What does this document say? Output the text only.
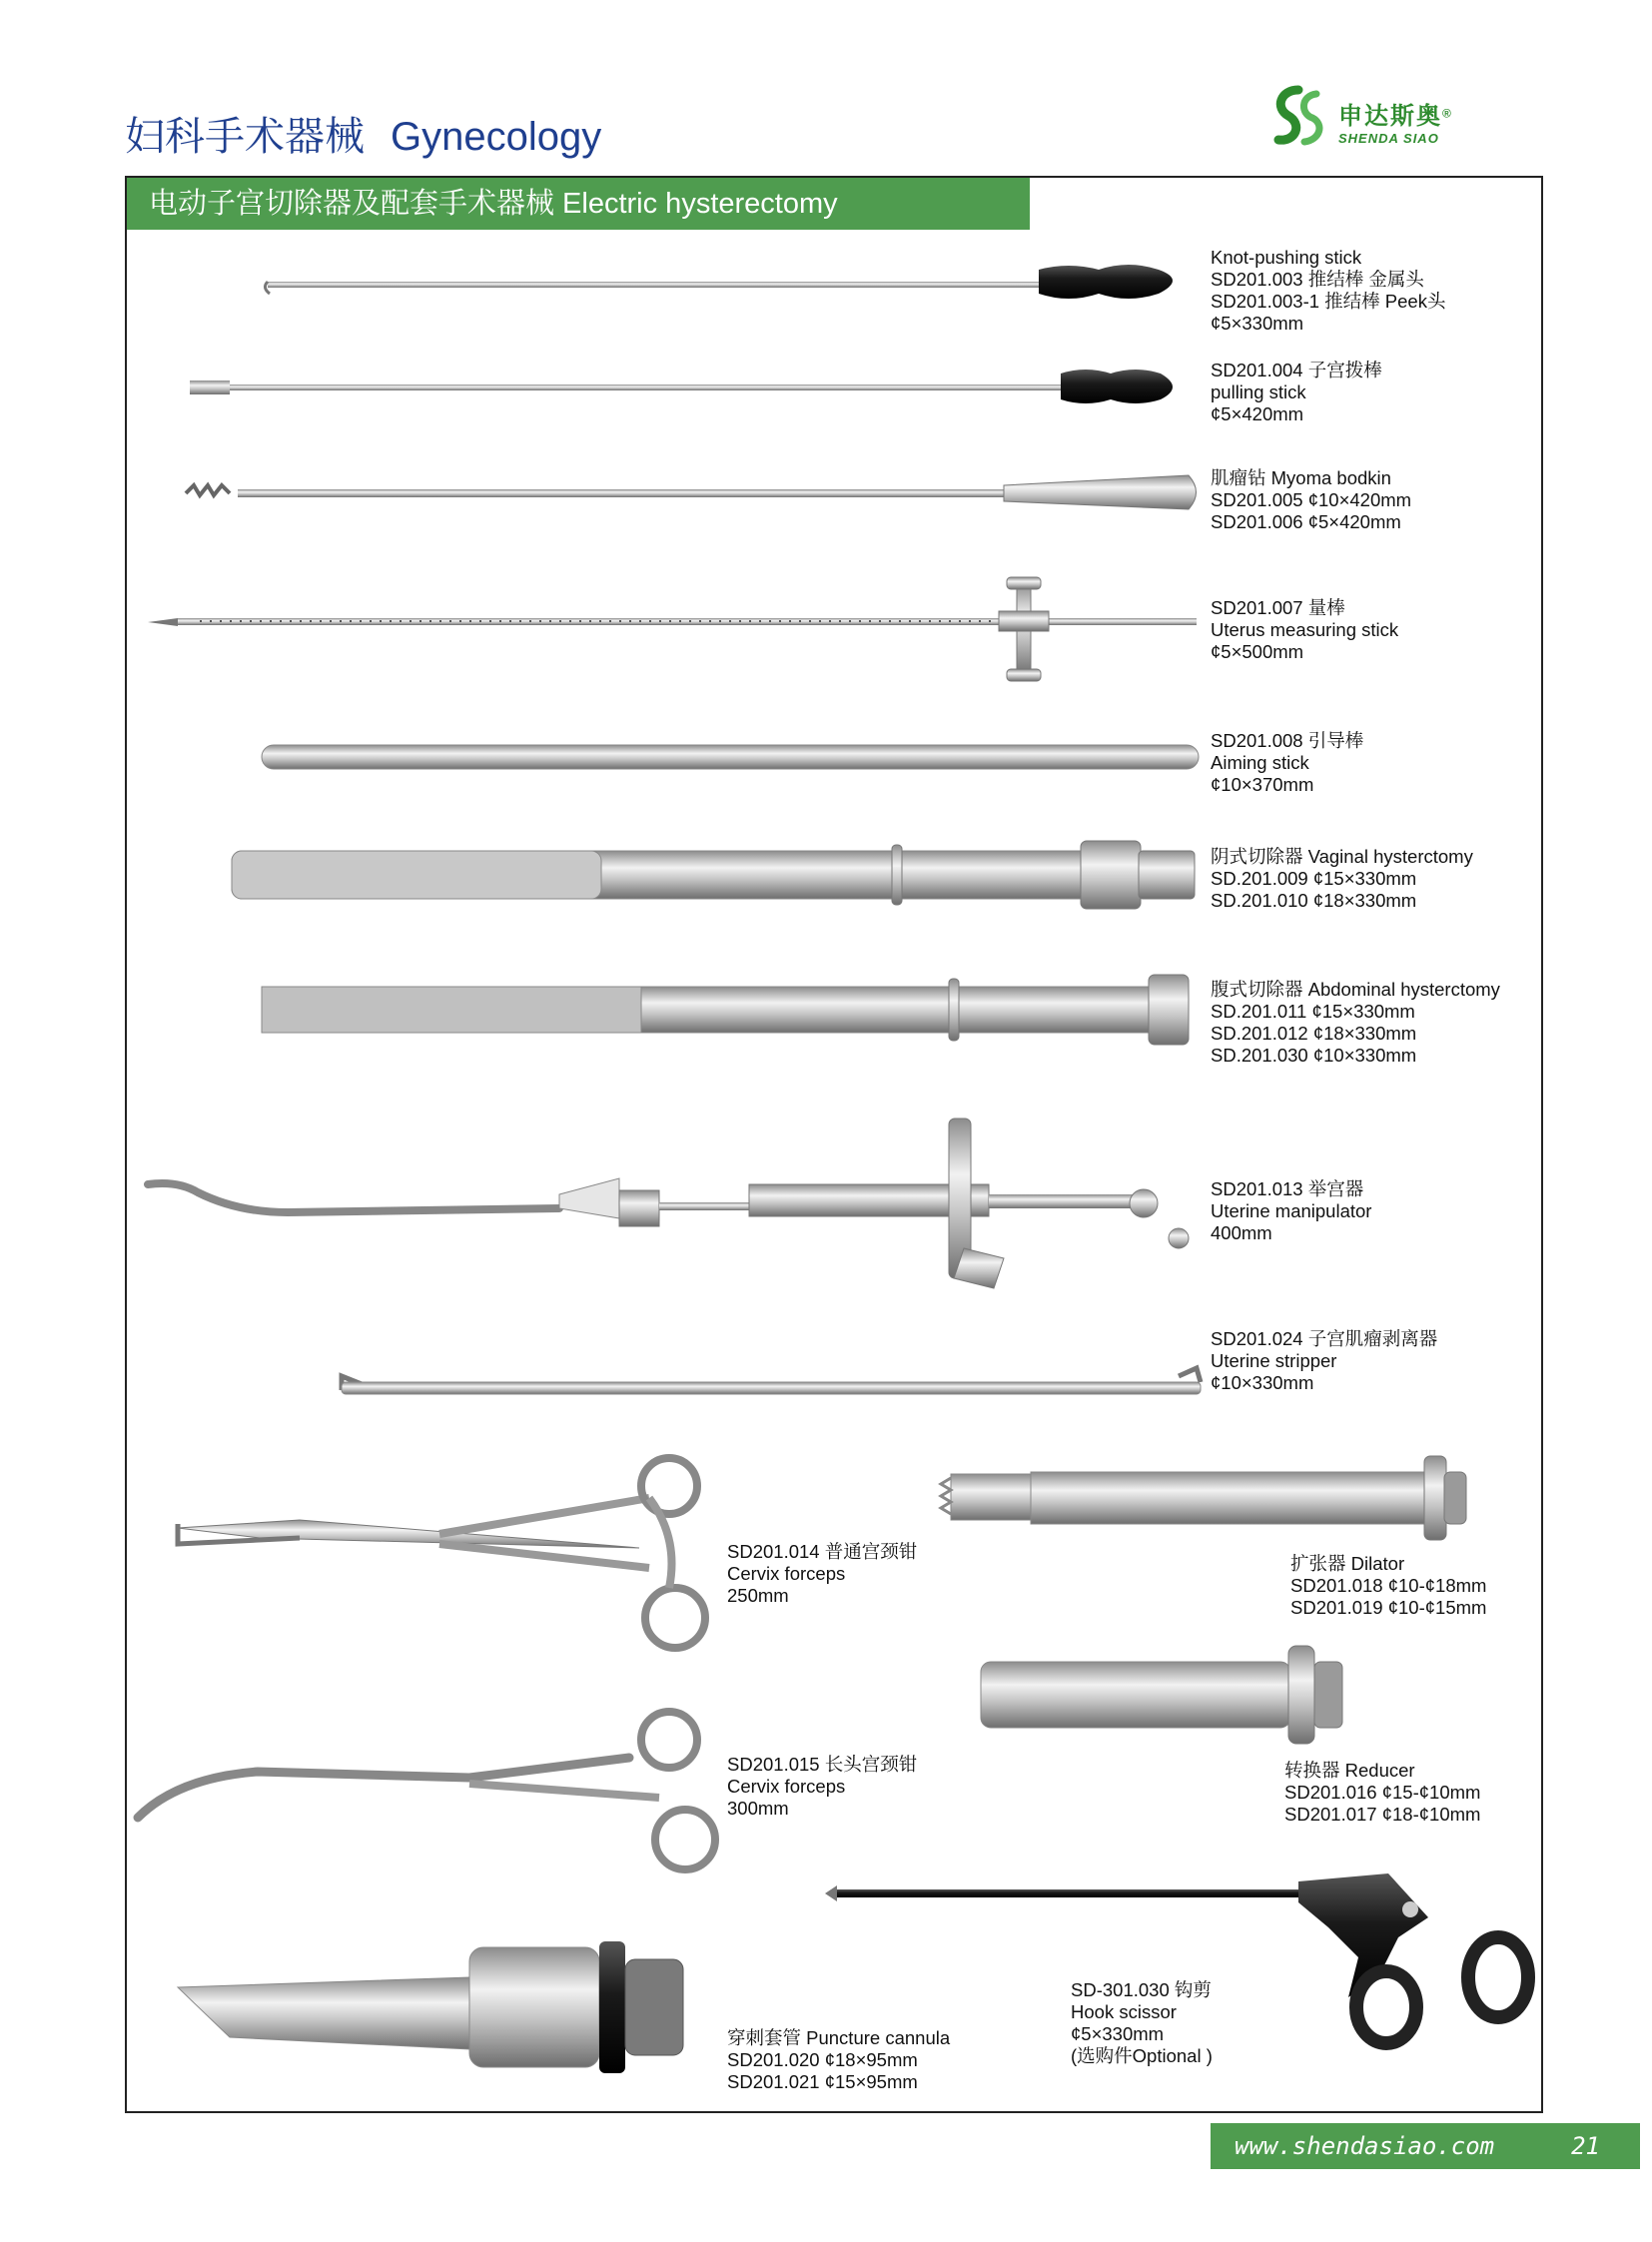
妇科手术器械 Gynecology	申达斯奥®
SHENDA SIAO
电动子宫切除器及配套手术器械 Electric hysterectomy
Knot-pushing stick
SD201.003 推结棒 金属头
SD201.003-1 推结棒 Peek头
¢5×330mm
SD201.004 子宫拨棒
pulling stick
¢5×420mm
肌瘤钻 Myoma bodkin
SD201.005 ¢10×420mm
SD201.006 ¢5×420mm
SD201.007 量棒
Uterus measuring stick
¢5×500mm
SD201.008 引导棒
Aiming stick
¢10×370mm
阴式切除器 Vaginal hysterctomy
SD.201.009 ¢15×330mm
SD.201.010 ¢18×330mm
腹式切除器 Abdominal hysterctomy
SD.201.011 ¢15×330mm
SD.201.012 ¢18×330mm
SD.201.030 ¢10×330mm
SD201.013 举宫器
Uterine manipulator
400mm
SD201.024 子宫肌瘤剥离器
Uterine stripper
¢10×330mm
SD201.014 普通宫颈钳
Cervix forceps
250mm
扩张器 Dilator
SD201.018 ¢10-¢18mm
SD201.019 ¢10-¢15mm
转换器 Reducer
SD201.016 ¢15-¢10mm
SD201.017 ¢18-¢10mm
SD201.015 长头宫颈钳
Cervix forceps
300mm
SD-301.030 钩剪
Hook scissor
¢5×330mm
(选购件Optional )
穿刺套管 Puncture cannula
SD201.020 ¢18×95mm
SD201.021 ¢15×95mm
www.shendasiao.com	21
